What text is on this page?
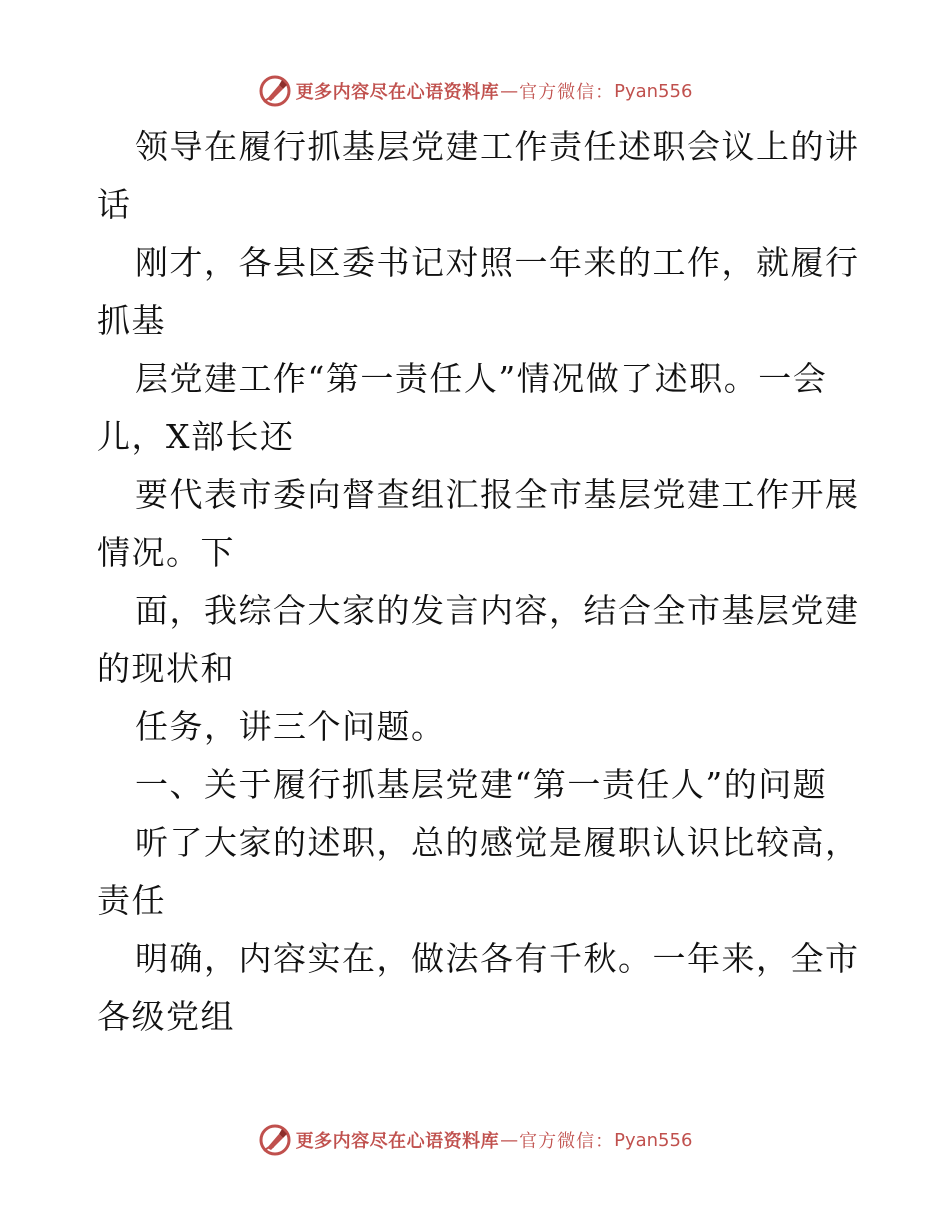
更多内容尽在心语资料库 — 官方微信： Pyan556
领导在履行抓基层党建工作责任述职会议上的讲
话
刚才，各县区委书记对照一年来的工作，就履行
抓基
层党建工作“第一责任人”情况做了述职。一会
儿，X部长还
要代表市委向督查组汇报全市基层党建工作开展
情况。下
面，我综合大家的发言内容，结合全市基层党建
的现状和
任务，讲三个问题。
一、关于履行抓基层党建“第一责任人”的问题
听了大家的述职，总的感觉是履职认识比较高，
责任
明确，内容实在，做法各有千秋。一年来，全市
各级党组
更多内容尽在心语资料库 — 官方微信： Pyan556
